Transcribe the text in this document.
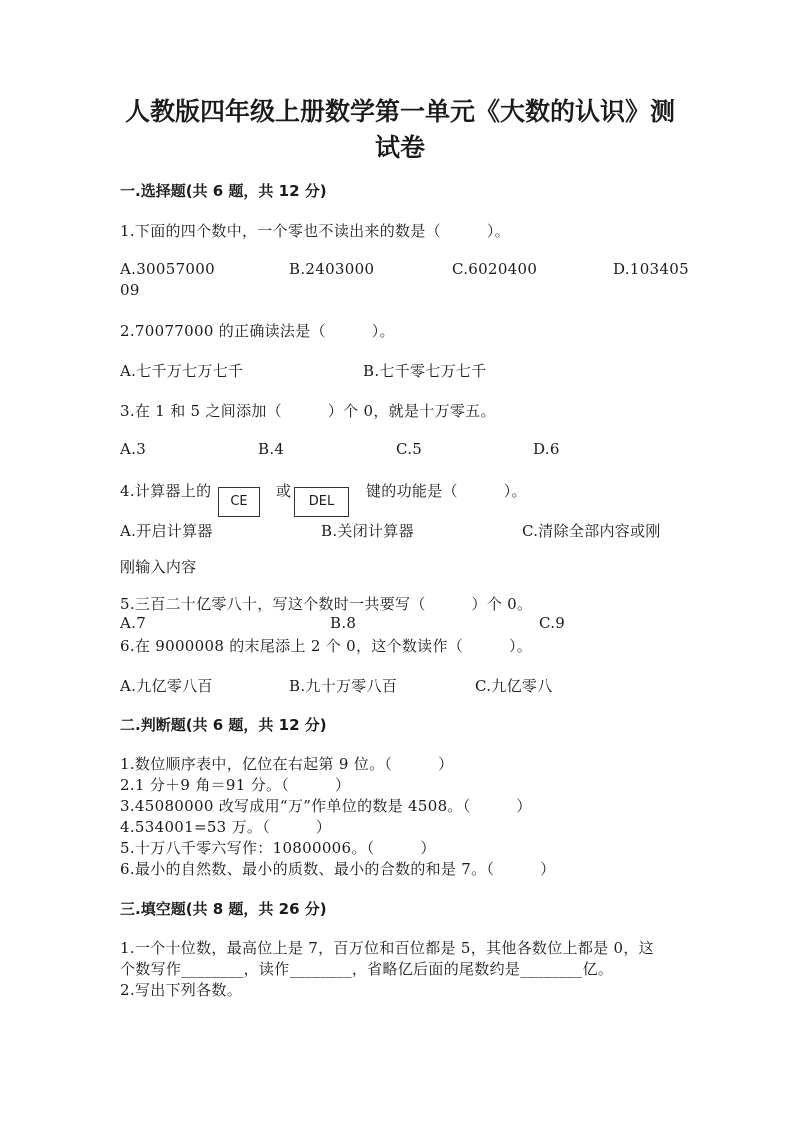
人教版四年级上册数学第一单元《大数的认识》测
试卷
一.选择题(共 6 题，共 12 分)
1.下面的四个数中，一个零也不读出来的数是（　　　）。
A.30057000	B.2403000	C.6020400	D.103405
09
2.70077000 的正确读法是（　　　）。
A.七千万七万七千	B.七千零七万七千
3.在 1 和 5 之间添加（　　　）个 0，就是十万零五。
A.3	B.4	C.5	D.6
4.计算器上的
CE
或
DEL
键的功能是（　　　）。
A.开启计算器	B.关闭计算器	C.清除全部内容或刚
刚输入内容
5.三百二十亿零八十，写这个数时一共要写（　　　）个 0。
A.7	B.8	C.9
6.在 9000008 的末尾添上 2 个 0，这个数读作（　　　）。
A.九亿零八百	B.九十万零八百	C.九亿零八
二.判断题(共 6 题，共 12 分)
1.数位顺序表中，亿位在右起第 9 位。（　　　）
2.1 分＋9 角＝91 分。（　　　）
3.45080000 改写成用“万”作单位的数是 4508。（　　　）
4.534001=53 万。（　　　）
5.十万八千零六写作：10800006。（　　　）
6.最小的自然数、最小的质数、最小的合数的和是 7。（　　　）
三.填空题(共 8 题，共 26 分)
1.一个十位数，最高位上是 7，百万位和百位都是 5，其他各数位上都是 0，这
个数写作________，读作________，省略亿后面的尾数约是________亿。
2.写出下列各数。
